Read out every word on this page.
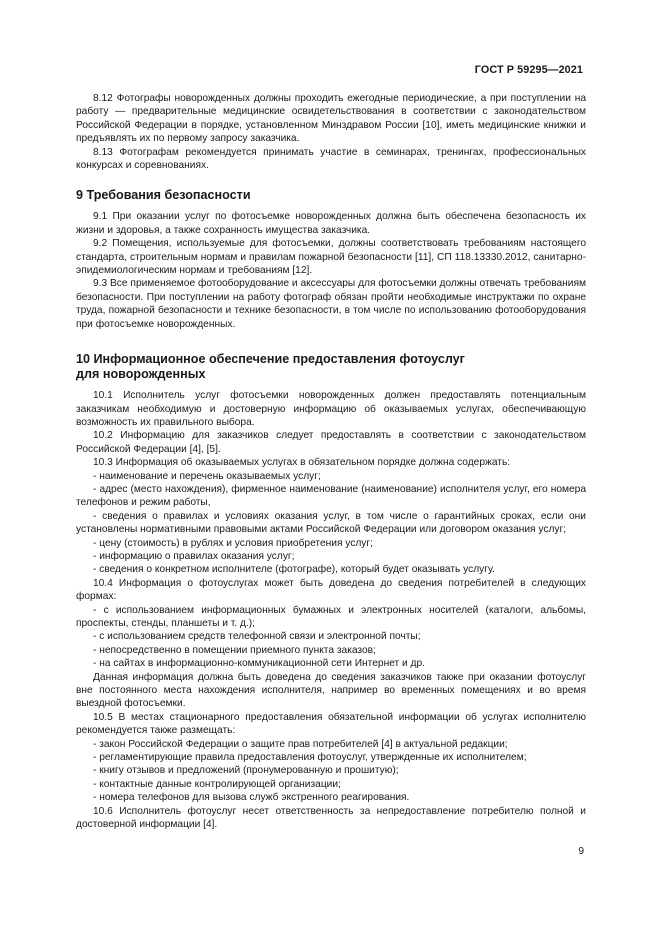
ГОСТ Р 59295—2021

8.12 Фотографы новорожденных должны проходить ежегодные периодические, а при поступлении на работу — предварительные медицинские освидетельствования в соответствии с законодательством Российской Федерации в порядке, установленном Минздравом России [10], иметь медицинские книжки и предъявлять их по первому запросу заказчика.

8.13 Фотографам рекомендуется принимать участие в семинарах, тренингах, профессиональных конкурсах и соревнованиях.

9 Требования безопасности

9.1 При оказании услуг по фотосъемке новорожденных должна быть обеспечена безопасность их жизни и здоровья, а также сохранность имущества заказчика.

9.2 Помещения, используемые для фотосъемки, должны соответствовать требованиям настоящего стандарта, строительным нормам и правилам пожарной безопасности [11], СП 118.13330.2012, санитарно-эпидемиологическим нормам и требованиям [12].

9.3 Все применяемое фотооборудование и аксессуары для фотосъемки должны отвечать требованиям безопасности. При поступлении на работу фотограф обязан пройти необходимые инструктажи по охране труда, пожарной безопасности и технике безопасности, в том числе по использованию фотооборудования при фотосъемке новорожденных.

10 Информационное обеспечение предоставления фотоуслуг
для новорожденных

10.1 Исполнитель услуг фотосъемки новорожденных должен предоставлять потенциальным заказчикам необходимую и достоверную информацию об оказываемых услугах, обеспечивающую возможность их правильного выбора.

10.2 Информацию для заказчиков следует предоставлять в соответствии с законодательством Российской Федерации [4], [5].

10.3 Информация об оказываемых услугах в обязательном порядке должна содержать:

- наименование и перечень оказываемых услуг;

- адрес (место нахождения), фирменное наименование (наименование) исполнителя услуг, его номера телефонов и режим работы,

- сведения о правилах и условиях оказания услуг, в том числе о гарантийных сроках, если они установлены нормативными правовыми актами Российской Федерации или договором оказания услуг;

- цену (стоимость) в рублях и условия приобретения услуг;

- информацию о правилах оказания услуг;

- сведения о конкретном исполнителе (фотографе), который будет оказывать услугу.

10.4 Информация о фотоуслугах может быть доведена до сведения потребителей в следующих формах:

- с использованием информационных бумажных и электронных носителей (каталоги, альбомы, проспекты, стенды, планшеты и т. д.);

- с использованием средств телефонной связи и электронной почты;

- непосредственно в помещении приемного пункта заказов;

- на сайтах в информационно-коммуникационной сети Интернет и др.

Данная информация должна быть доведена до сведения заказчиков также при оказании фотоуслуг вне постоянного места нахождения исполнителя, например во временных помещениях и во время выездной фотосъемки.

10.5 В местах стационарного предоставления обязательной информации об услугах исполнителю рекомендуется также размещать:

- закон Российской Федерации о защите прав потребителей [4] в актуальной редакции;

- регламентирующие правила предоставления фотоуслуг, утвержденные их исполнителем;

- книгу отзывов и предложений (пронумерованную и прошитую);

- контактные данные контролирующей организации;

- номера телефонов для вызова служб экстренного реагирования.

10.6 Исполнитель фотоуслуг несет ответственность за непредоставление потребителю полной и достоверной информации [4].

9
